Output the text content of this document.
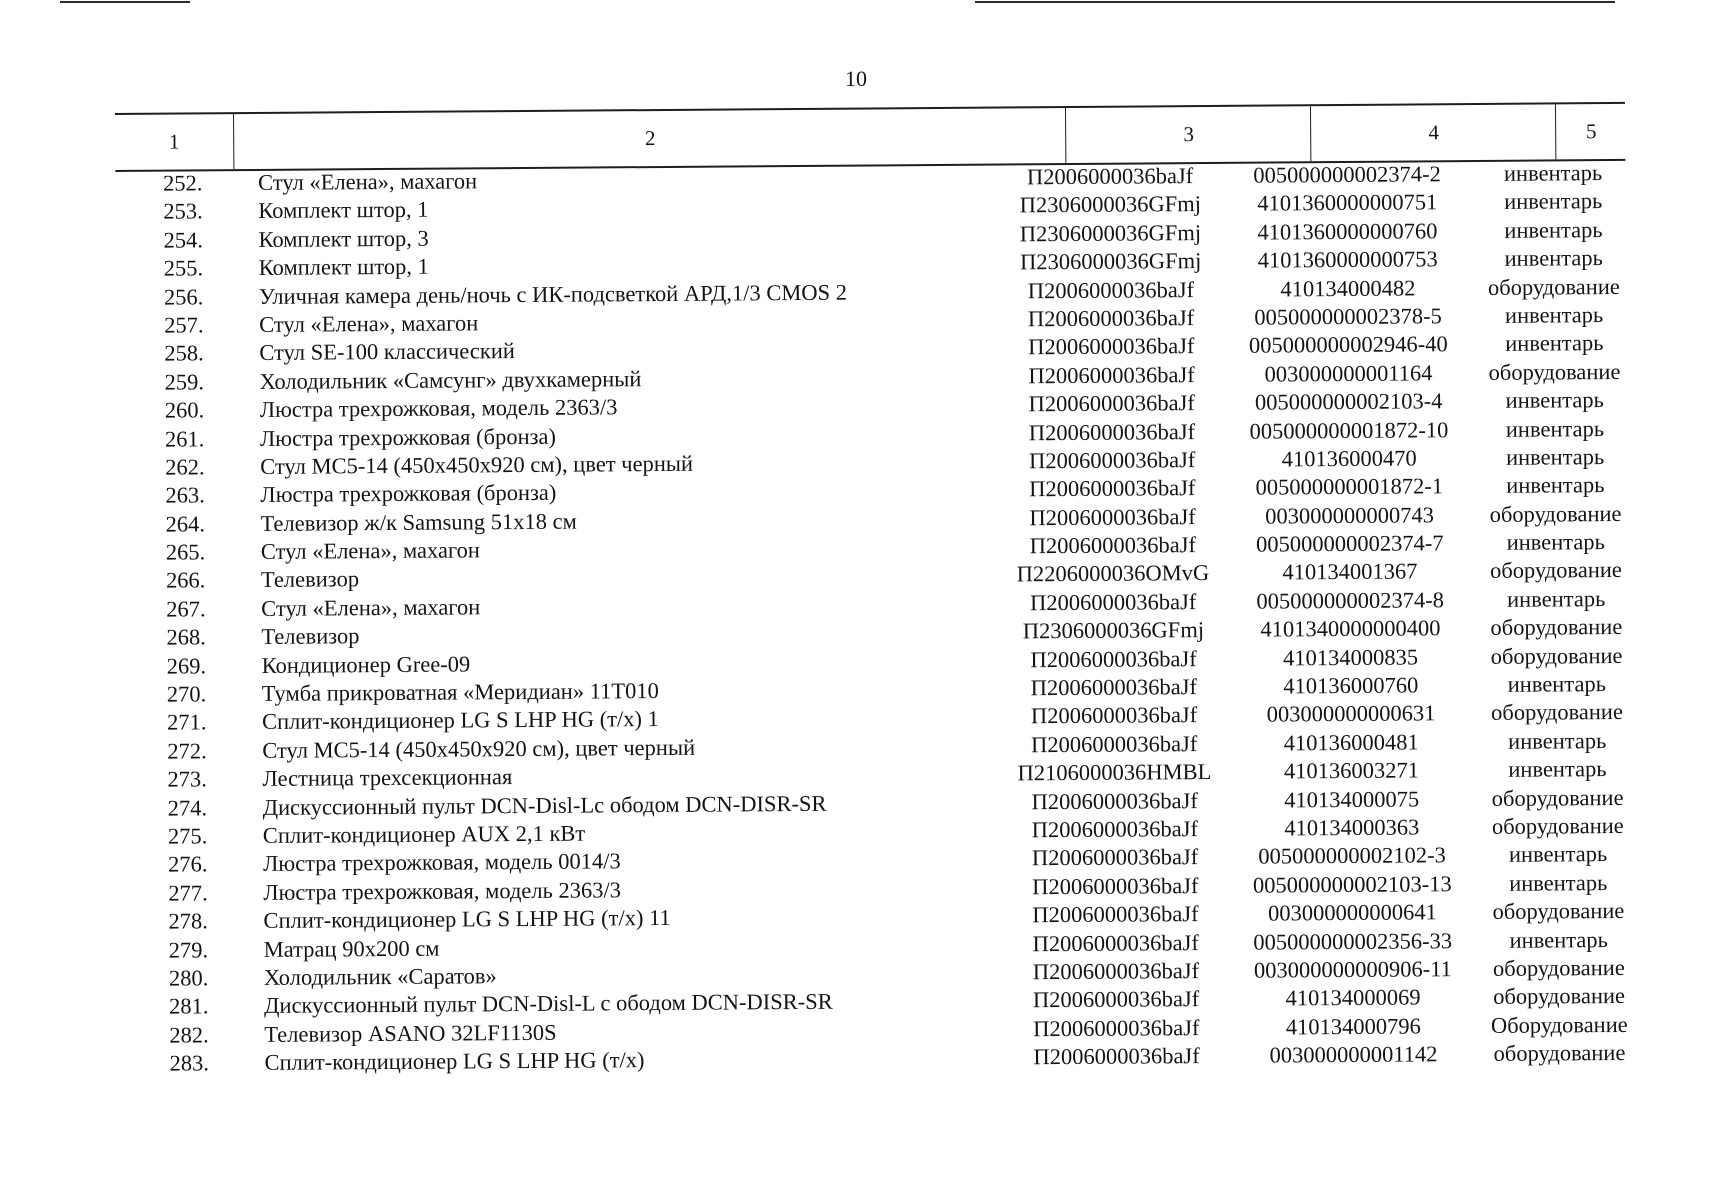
10
1	2	3	4	5
252.	Стул «Елена», махагон	П2006000036baJf	005000000002374-2	инвентарь
253.	Комплект штор, 1	П2306000036GFmj	4101360000000751	инвентарь
254.	Комплект штор, 3	П2306000036GFmj	4101360000000760	инвентарь
255.	Комплект штор, 1	П2306000036GFmj	4101360000000753	инвентарь
256.	Уличная камера день/ночь с ИК-подсветкой АРД,1/3 CMOS 2	П2006000036baJf	410134000482	оборудование
257.	Стул «Елена», махагон	П2006000036baJf	005000000002378-5	инвентарь
258.	Стул SE-100 классический	П2006000036baJf	005000000002946-40	инвентарь
259.	Холодильник «Самсунг» двухкамерный	П2006000036baJf	003000000001164	оборудование
260.	Люстра трехрожковая, модель 2363/3	П2006000036baJf	005000000002103-4	инвентарь
261.	Люстра трехрожковая (бронза)	П2006000036baJf	005000000001872-10	инвентарь
262.	Стул MC5-14 (450x450x920 см), цвет черный	П2006000036baJf	410136000470	инвентарь
263.	Люстра трехрожковая (бронза)	П2006000036baJf	005000000001872-1	инвентарь
264.	Телевизор ж/к Samsung 51x18 см	П2006000036baJf	003000000000743	оборудование
265.	Стул «Елена», махагон	П2006000036baJf	005000000002374-7	инвентарь
266.	Телевизор	П2206000036OMvG	410134001367	оборудование
267.	Стул «Елена», махагон	П2006000036baJf	005000000002374-8	инвентарь
268.	Телевизор	П2306000036GFmj	4101340000000400	оборудование
269.	Кондиционер Gree-09	П2006000036baJf	410134000835	оборудование
270.	Тумба прикроватная «Меридиан» 11Т010	П2006000036baJf	410136000760	инвентарь
271.	Сплит-кондиционер LG S LHP HG (т/х) 1	П2006000036baJf	003000000000631	оборудование
272.	Стул MC5-14 (450x450x920 см), цвет черный	П2006000036baJf	410136000481	инвентарь
273.	Лестница трехсекционная	П2106000036HMBL	410136003271	инвентарь
274.	Дискуссионный пульт DCN-Disl-Lc ободом DCN-DISR-SR	П2006000036baJf	410134000075	оборудование
275.	Сплит-кондиционер AUX 2,1 кВт	П2006000036baJf	410134000363	оборудование
276.	Люстра трехрожковая, модель 0014/3	П2006000036baJf	005000000002102-3	инвентарь
277.	Люстра трехрожковая, модель 2363/3	П2006000036baJf	005000000002103-13	инвентарь
278.	Сплит-кондиционер LG S LHP HG (т/х) 11	П2006000036baJf	003000000000641	оборудование
279.	Матрац 90x200 см	П2006000036baJf	005000000002356-33	инвентарь
280.	Холодильник «Саратов»	П2006000036baJf	003000000000906-11	оборудование
281.	Дискуссионный пульт DCN-Disl-L с ободом DCN-DISR-SR	П2006000036baJf	410134000069	оборудование
282.	Телевизор ASANO 32LF1130S	П2006000036baJf	410134000796	Оборудование
283.	Сплит-кондиционер LG S LHP HG (т/х)	П2006000036baJf	003000000001142	оборудование
